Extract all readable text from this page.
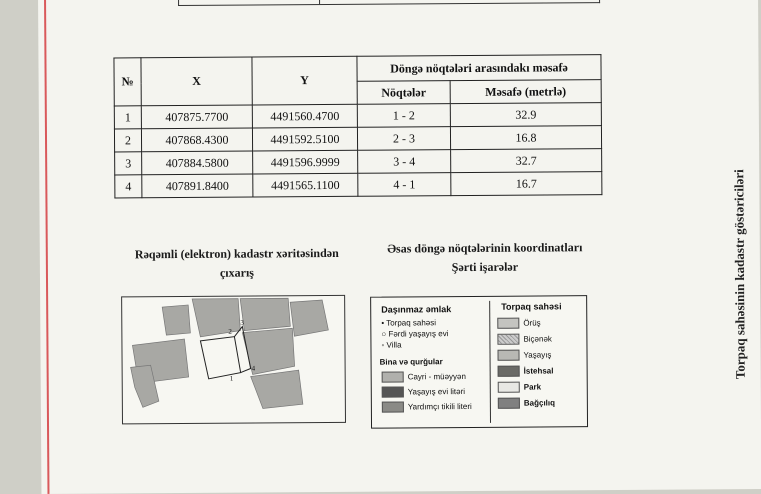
№	X	Y	Döngə nöqtələri arasındakı məsafə	
			Nöqtələr	Məsafə (metrlə)
1	407875.7700	4491560.4700	1 - 2	32.9
2	407868.4300	4491592.5100	2 - 3	16.8
3	407884.5800	4491596.9999	3 - 4	32.7
4	407891.8400	4491565.1100	4 - 1	16.7
Rəqəmli (elektron) kadastr xəritəsindən
çıxarış
Əsas döngə nöqtələrinin koordinatları
Şərti işarələr
2
3
1
4
Daşınmaz əmlak
• Torpaq sahəsi
○ Fərdi yaşayış evi
◦ Villa
Bina və qurğular
Cayri - müəyyən
Yaşayış evi litəri
Yardımçı tikili literi
Torpaq sahəsi
Örüş
Biçənək
Yaşayış
İstehsal
Park
Bağçılıq
Torpaq sahəsinin kadastr göstəriciləri
